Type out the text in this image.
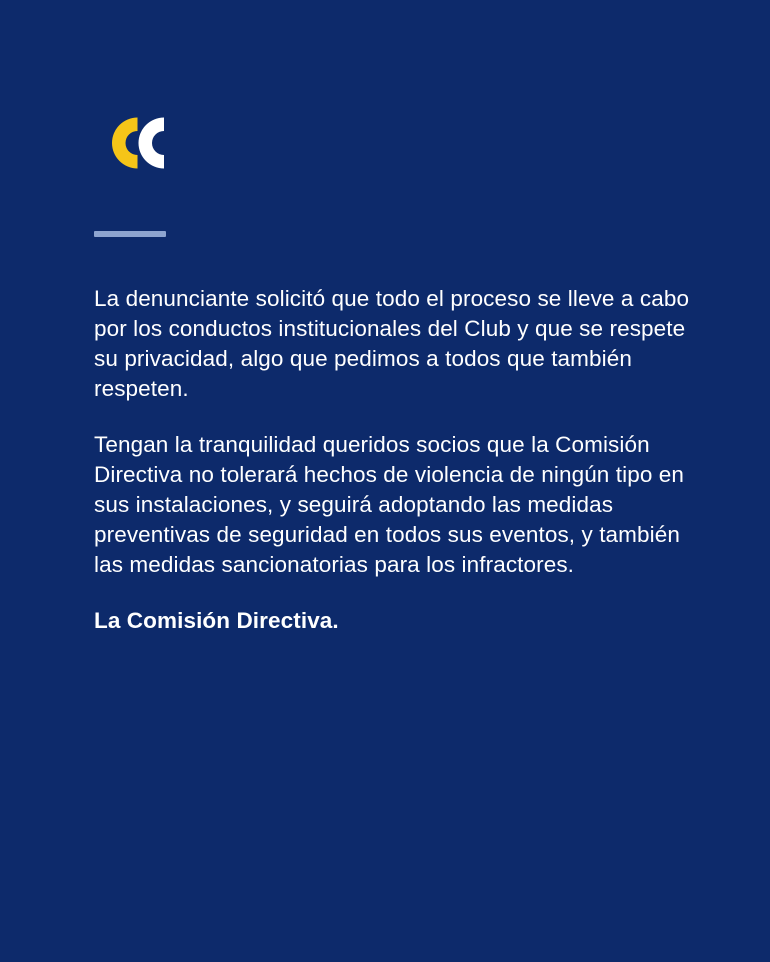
La denunciante solicitó que todo el proceso se lleve a cabo por los conductos institucionales del Club y que se respete su privacidad, algo que pedimos a todos que también respeten.

Tengan la tranquilidad queridos socios que la Comisión Directiva no tolerará hechos de violencia de ningún tipo en sus instalaciones, y seguirá adoptando las medidas preventivas de seguridad en todos sus eventos, y también las medidas sancionatorias para los infractores.

La Comisión Directiva.
